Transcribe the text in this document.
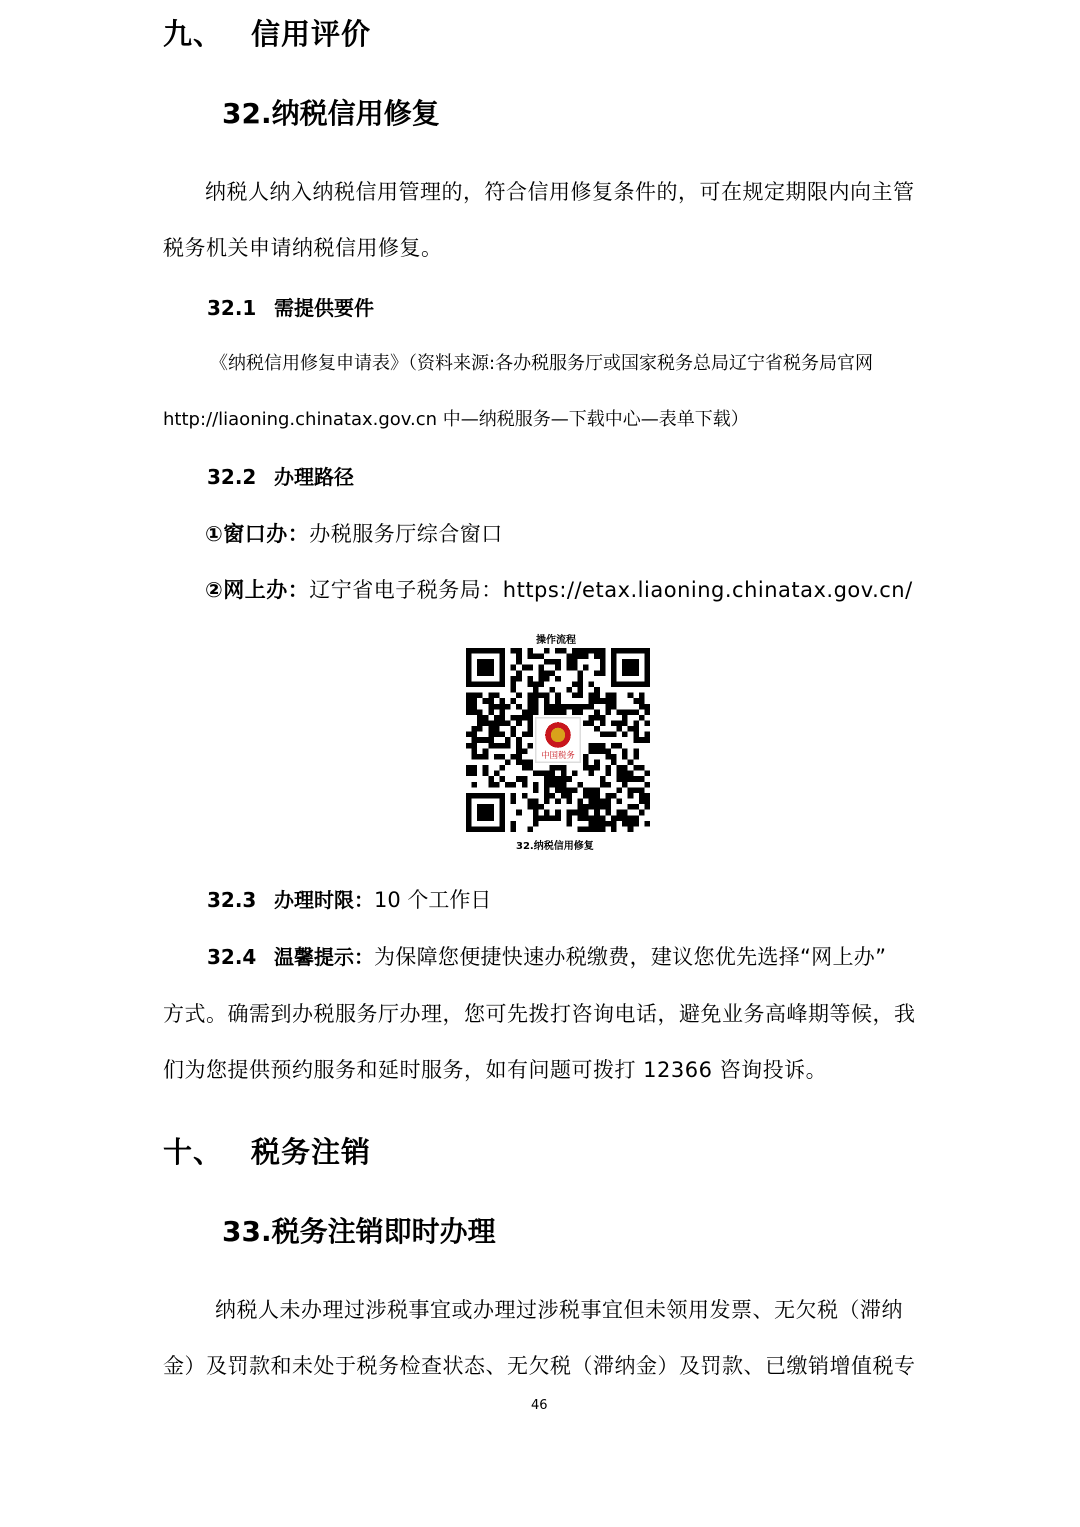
九、 信用评价
32.纳税信用修复

纳税人纳入纳税信用管理的，符合信用修复条件的，可在规定期限内向主管

税务机关申请纳税信用修复。

32.1 需提供要件

《纳税信用修复申请表》（资料来源:各办税服务厅或国家税务总局辽宁省税务局官网

http://liaoning.chinatax.gov.cn 中—纳税服务—下载中心—表单下载）

32.2 办理路径

①窗口办：办税服务厅综合窗口

②网上办：辽宁省电子税务局：https://etax.liaoning.chinatax.gov.cn/

操作流程
中国税务
32.纳税信用修复
32.3 办理时限：10 个工作日
32.4 温馨提示：为保障您便捷快速办税缴费，建议您优先选择“网上办”

方式。确需到办税服务厅办理，您可先拨打咨询电话，避免业务高峰期等候，我

们为您提供预约服务和延时服务，如有问题可拨打 12366 咨询投诉。

十、 税务注销
33.税务注销即时办理

纳税人未办理过涉税事宜或办理过涉税事宜但未领用发票、无欠税（滞纳

金）及罚款和未处于税务检查状态、无欠税（滞纳金）及罚款、已缴销增值税专

46
